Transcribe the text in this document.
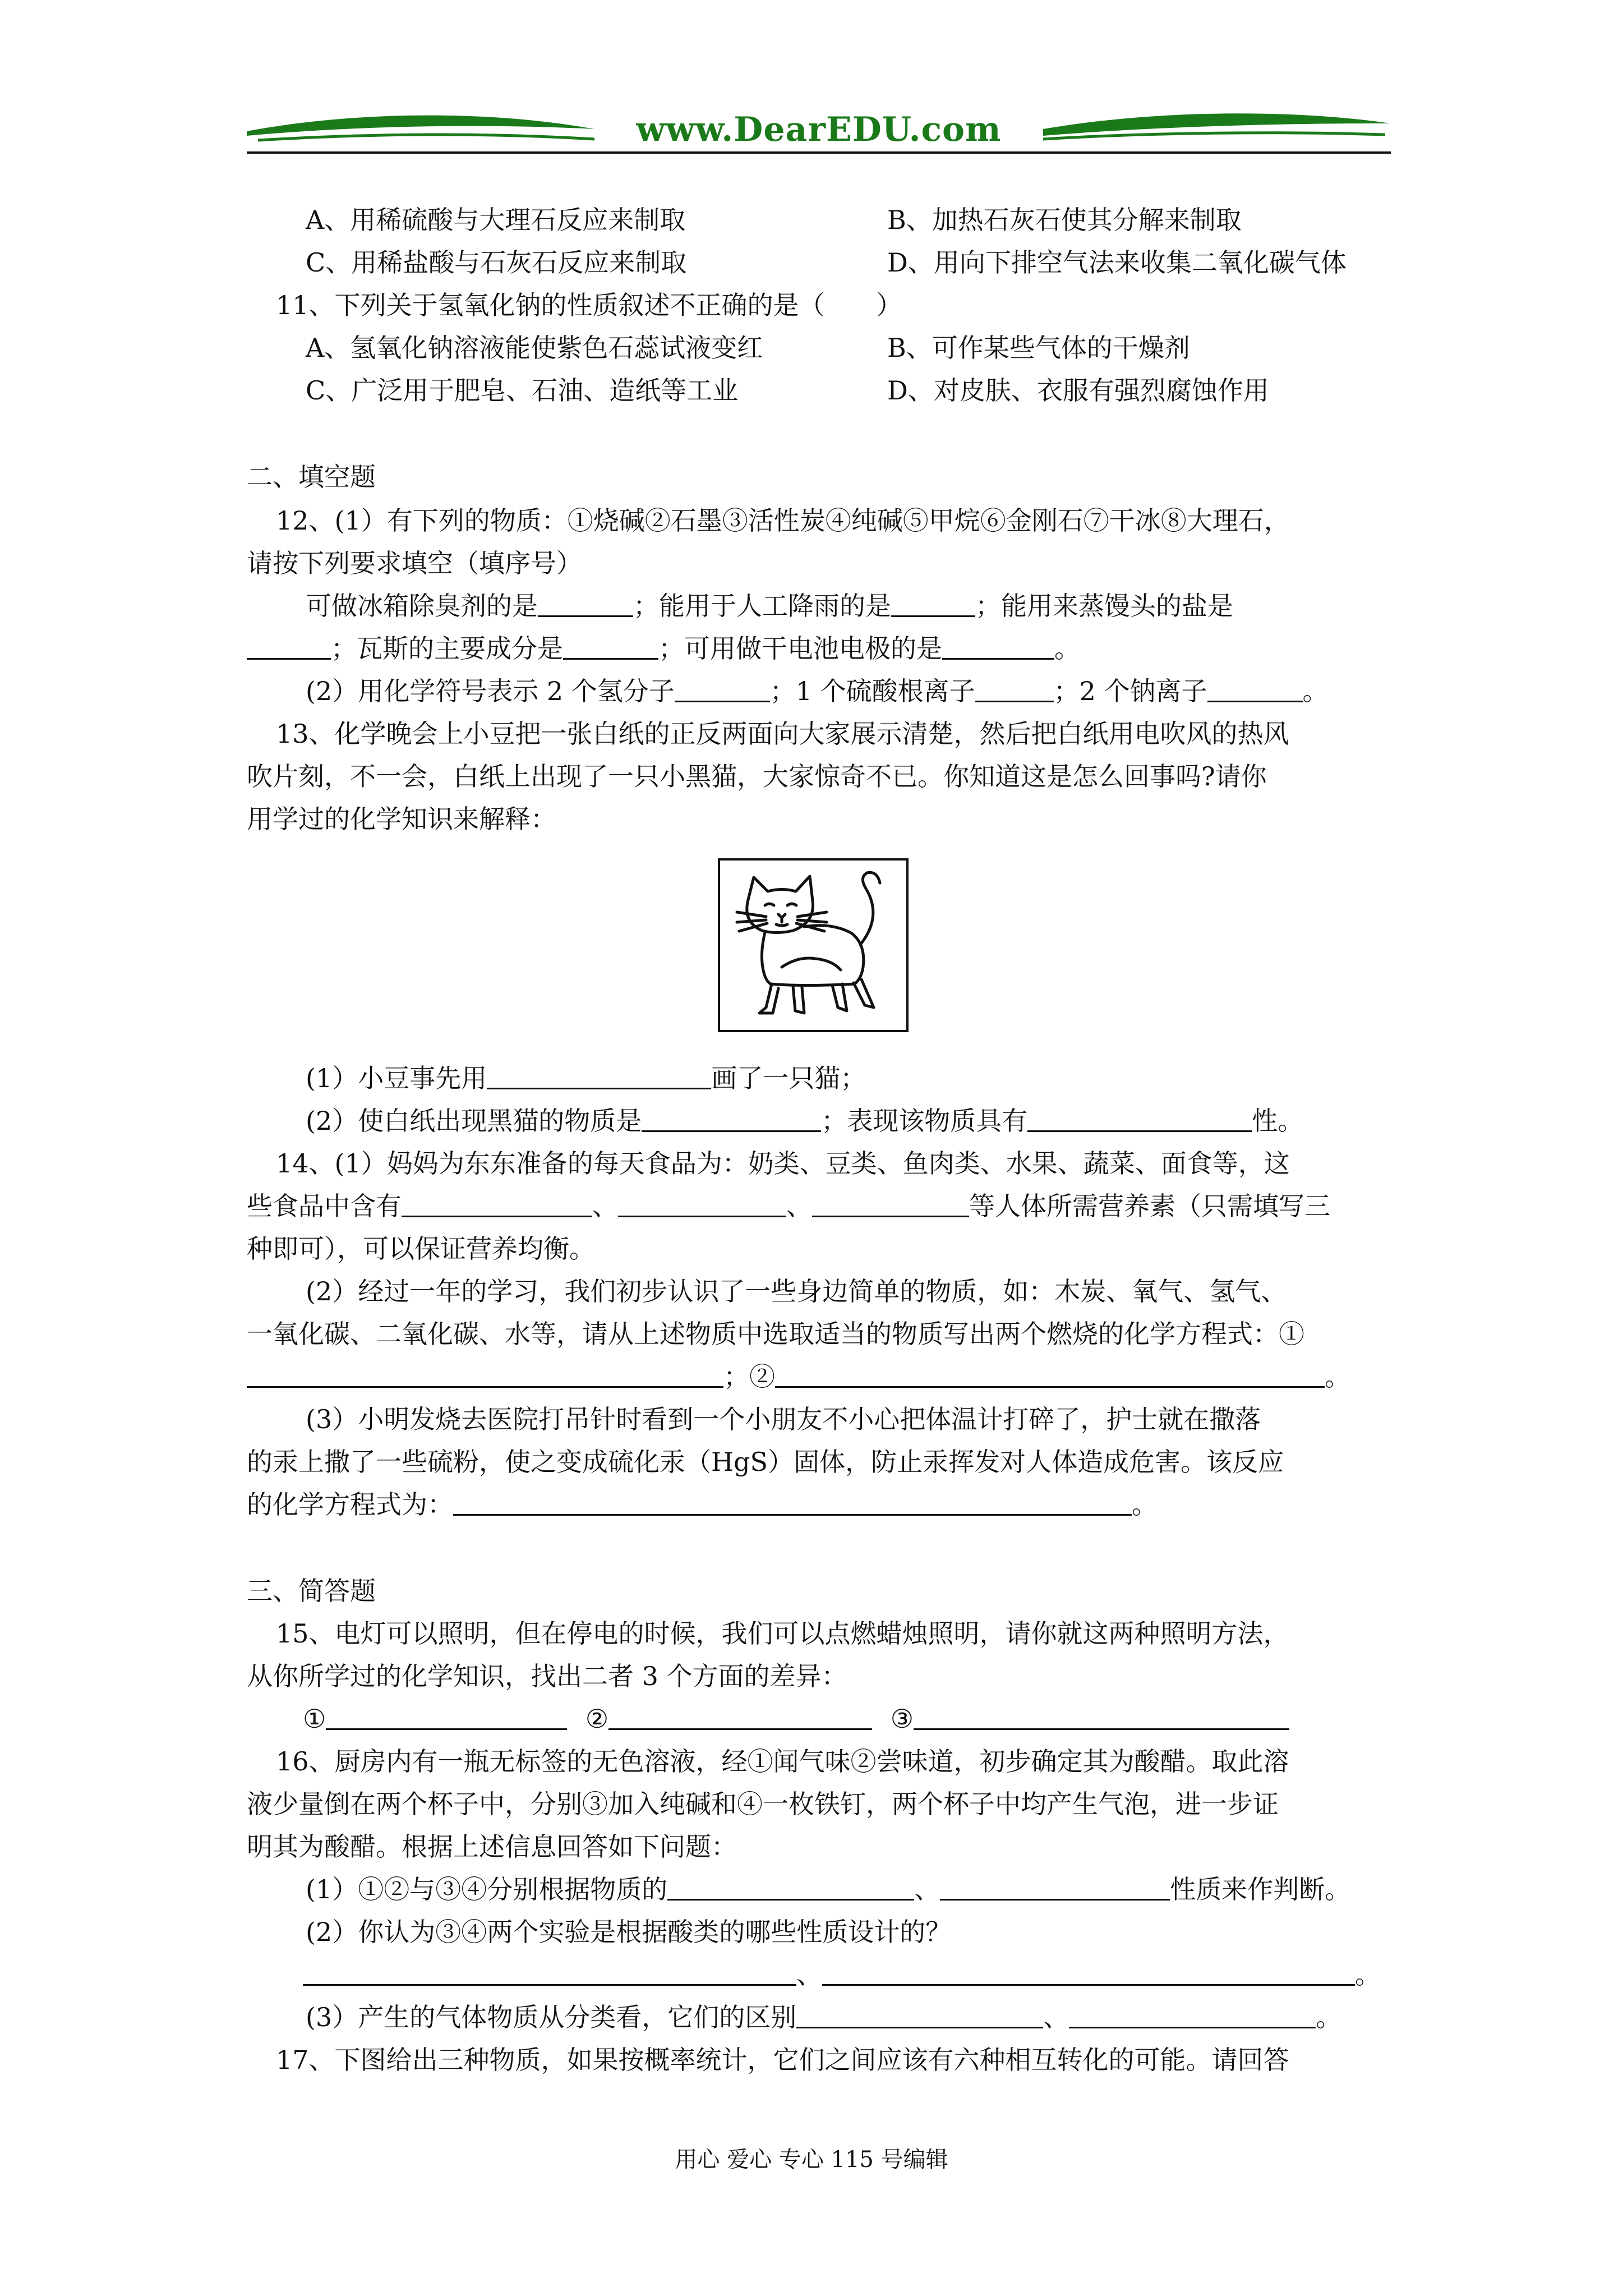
www.DearEDU.com
A、用稀硫酸与大理石反应来制取	B、加热石灰石使其分解来制取
C、用稀盐酸与石灰石反应来制取	D、用向下排空气法来收集二氧化碳气体
11、下列关于氢氧化钠的性质叙述不正确的是（　　）
A、氢氧化钠溶液能使紫色石蕊试液变红	B、可作某些气体的干燥剂
C、广泛用于肥皂、石油、造纸等工业	D、对皮肤、衣服有强烈腐蚀作用
二、填空题
12、(1）有下列的物质：①烧碱②石墨③活性炭④纯碱⑤甲烷⑥金刚石⑦干冰⑧大理石，
请按下列要求填空（填序号）
可做冰箱除臭剂的是	；能用于人工降雨的是	；能用来蒸馒头的盐是
；瓦斯的主要成分是	；可用做干电池电极的是	。
(2）用化学符号表示 2 个氢分子	；1 个硫酸根离子	；2 个钠离子	。
13、化学晚会上小豆把一张白纸的正反两面向大家展示清楚，然后把白纸用电吹风的热风
吹片刻，不一会，白纸上出现了一只小黑猫，大家惊奇不已。你知道这是怎么回事吗?请你
用学过的化学知识来解释：
(1）小豆事先用	画了一只猫；
(2）使白纸出现黑猫的物质是	；表现该物质具有	性。
14、(1）妈妈为东东准备的每天食品为：奶类、豆类、鱼肉类、水果、蔬菜、面食等，这
些食品中含有	、	、	等人体所需营养素（只需填写三
种即可），可以保证营养均衡。
(2）经过一年的学习，我们初步认识了一些身边简单的物质，如：木炭、氧气、氢气、
一氧化碳、二氧化碳、水等，请从上述物质中选取适当的物质写出两个燃烧的化学方程式：①
；②	。
(3）小明发烧去医院打吊针时看到一个小朋友不小心把体温计打碎了，护士就在撒落
的汞上撒了一些硫粉，使之变成硫化汞（HgS）固体，防止汞挥发对人体造成危害。该反应
的化学方程式为：	。
三、简答题
15、电灯可以照明，但在停电的时候，我们可以点燃蜡烛照明，请你就这两种照明方法，
从你所学过的化学知识，找出二者 3 个方面的差异：
①	②	③
16、厨房内有一瓶无标签的无色溶液，经①闻气味②尝味道，初步确定其为酸醋。取此溶
液少量倒在两个杯子中，分别③加入纯碱和④一枚铁钉，两个杯子中均产生气泡，进一步证
明其为酸醋。根据上述信息回答如下问题：
(1）①②与③④分别根据物质的	、	性质来作判断。
(2）你认为③④两个实验是根据酸类的哪些性质设计的？
、	。
(3）产生的气体物质从分类看，它们的区别	、	。
17、下图给出三种物质，如果按概率统计，它们之间应该有六种相互转化的可能。请回答
用心 爱心 专心 115 号编辑
